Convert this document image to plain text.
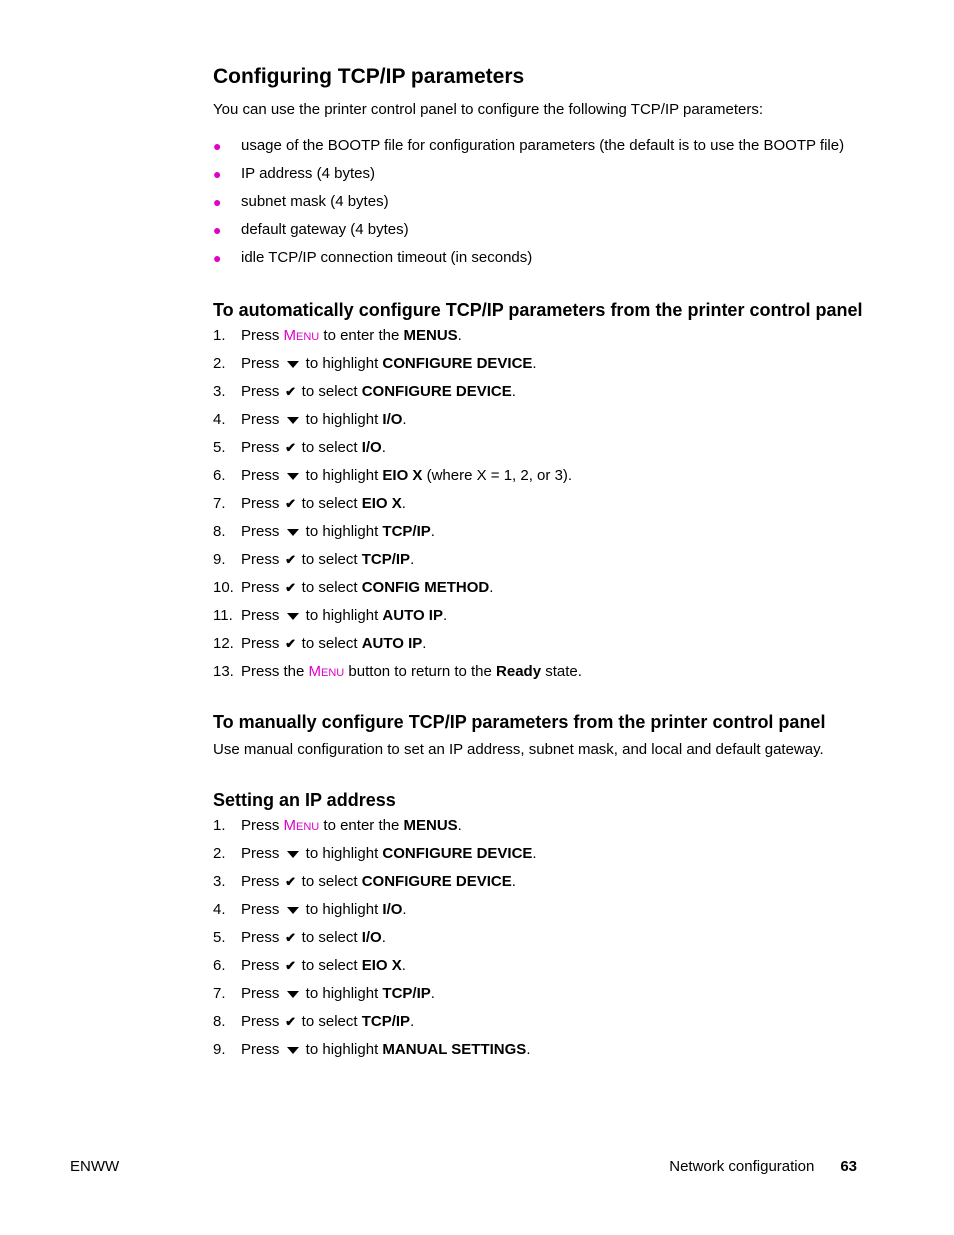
Configuring TCP/IP parameters

You can use the printer control panel to configure the following TCP/IP parameters:

● usage of the BOOTP file for configuration parameters (the default is to use the BOOTP file)
● IP address (4 bytes)
● subnet mask (4 bytes)
● default gateway (4 bytes)
● idle TCP/IP connection timeout (in seconds)
To automatically configure TCP/IP parameters from the printer control panel
1. Press Menu to enter the MENUS.
2. Press  to highlight CONFIGURE DEVICE.
3. Press ✔ to select CONFIGURE DEVICE.
4. Press  to highlight I/O.
5. Press ✔ to select I/O.
6. Press  to highlight EIO X (where X = 1, 2, or 3).
7. Press ✔ to select EIO X.
8. Press  to highlight TCP/IP.
9. Press ✔ to select TCP/IP.
10. Press ✔ to select CONFIG METHOD.
11. Press  to highlight AUTO IP.
12. Press ✔ to select AUTO IP.
13. Press the Menu button to return to the Ready state.
To manually configure TCP/IP parameters from the printer control panel

Use manual configuration to set an IP address, subnet mask, and local and default gateway.

Setting an IP address
1. Press Menu to enter the MENUS.
2. Press  to highlight CONFIGURE DEVICE.
3. Press ✔ to select CONFIGURE DEVICE.
4. Press  to highlight I/O.
5. Press ✔ to select I/O.
6. Press ✔ to select EIO X.
7. Press  to highlight TCP/IP.
8. Press ✔ to select TCP/IP.
9. Press  to highlight MANUAL SETTINGS.
ENWW	Network configuration 63
